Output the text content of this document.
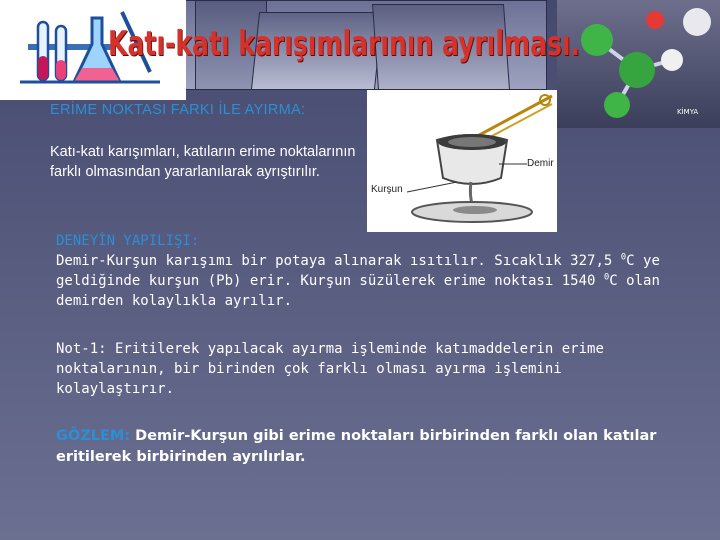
KİMYA
Katı-katı karışımlarının ayrılması.

ERİME NOKTASI FARKI İLE AYIRMA:

Katı-katı karışımları, katıların erime noktalarının farklı olmasından yararlanılarak ayrıştırılır.

Demir
Kurşun

DENEYİN YAPILIŞI:
Demir-Kurşun karışımı bir potaya alınarak ısıtılır. Sıcaklık 327,5 $^0$C ye geldiğinde kurşun (Pb) erir. Kurşun süzülerek erime noktası 1540 $^0$C olan demirden kolaylıkla ayrılır.

Not-1: Eritilerek yapılacak ayırma işleminde katımaddelerin erime noktalarının, bir birinden çok farklı olması ayırma işlemini kolaylaştırır.

GÖZLEM: Demir-Kurşun gibi erime noktaları birbirinden farklı olan katılar eritilerek birbirinden ayrılırlar.
